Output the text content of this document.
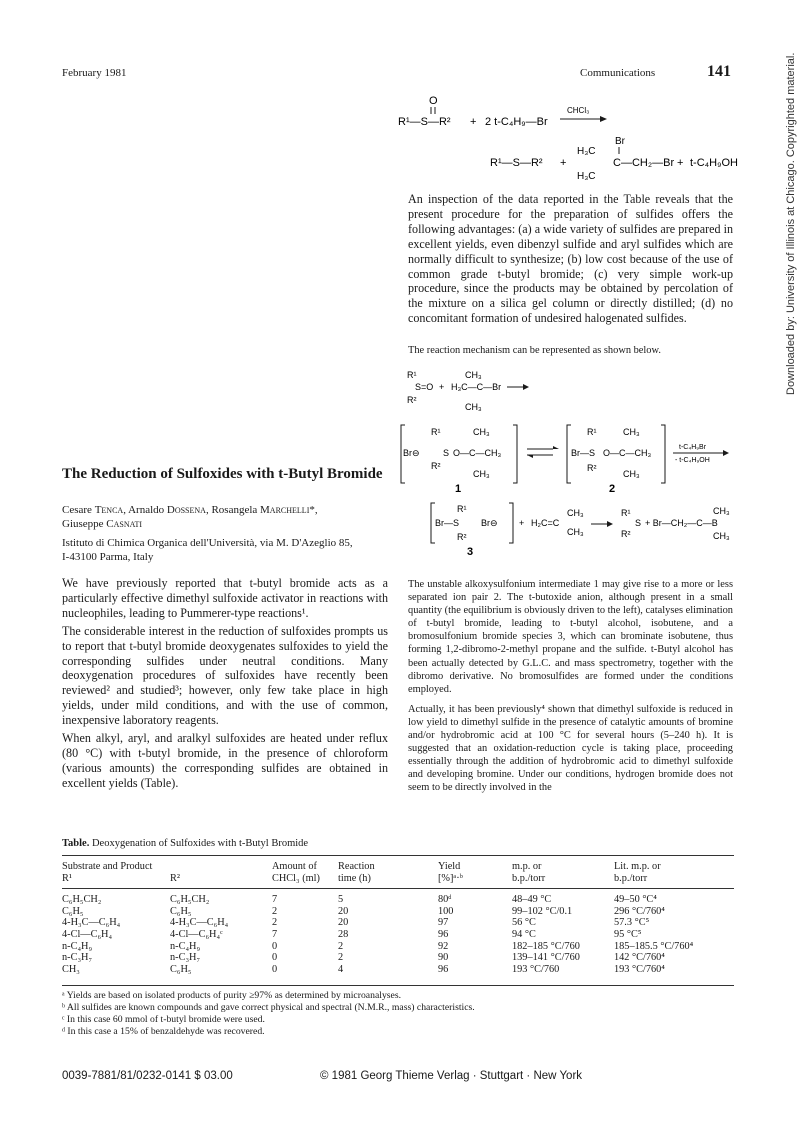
February 1981	Communications	141	Downloaded by: University of Illinois at Chicago. Copyrighted material.
O
R¹—S—R² + 2 t-C₄H₉—Br
CHCl₃
Br
H₃C
R¹—S—R² +	C—CH₂—Br
H₃C
+ t-C₄H₉OH

An inspection of the data reported in the Table reveals that the present procedure for the preparation of sulfides offers the following advantages: (a) a wide variety of sulfides are prepared in excellent yields, even dibenzyl sulfide and aryl sulfides which are normally difficult to synthesize; (b) low cost because of the use of common grade t-butyl bromide; (c) very simple work-up procedure, since the products may be obtained by percolation of the mixture on a silica gel column or directly distilled; (d) no concomitant formation of undesired halogenated sulfides.

The reaction mechanism can be represented as shown below.

R¹	CH₃
S=O + H₃C—C—Br
R²
CH₃
R¹	CH₃
Br⊖	S O—C—CH₃
R²
CH₃
1
R¹	CH₃
Br—S O—C—CH₃
R²
CH₃
2
t-C₄H₉Br
- t-C₄H₉OH
R¹
Br—S Br⊖
R²
3
+ H₂C=C
CH₃
CH₃
R¹
S
R²
+ Br—CH₂—C—B
CH₃
CH₃
The Reduction of Sulfoxides with t-Butyl Bromide
Cesare Tenca, Arnaldo Dossena, Rosangela Marchelli*,
Giuseppe Casnati
Istituto di Chimica Organica dell'Università, via M. D'Azeglio 85,
I-43100 Parma, Italy

We have previously reported that t-butyl bromide acts as a particularly effective dimethyl sulfoxide activator in reactions with nucleophiles, leading to Pummerer-type reactions¹.

The considerable interest in the reduction of sulfoxides prompts us to report that t-butyl bromide deoxygenates sulfoxides to yield the corresponding sulfides under neutral conditions. Many deoxygenation procedures of sulfoxides have recently been reviewed² and studied³; however, only few take place in high yields, under mild conditions, and with the use of common, inexpensive laboratory reagents.

When alkyl, aryl, and aralkyl sulfoxides are heated under reflux (80 °C) with t-butyl bromide, in the presence of chloroform (various amounts) the corresponding sulfides are obtained in excellent yields (Table).

The unstable alkoxysulfonium intermediate 1 may give rise to a more or less separated ion pair 2. The t-butoxide anion, although present in a small quantity (the equilibrium is obviously driven to the left), catalyses elimination of t-butyl bromide, leading to t-butyl alcohol, isobutene, and a bromosulfonium bromide species 3, which can brominate isobutene, thus forming 1,2-dibromo-2-methyl propane and the sulfide. t-Butyl alcohol has been actually detected by G.L.C. and mass spectrometry, together with the dibromo derivative. No bromosulfides are formed under the conditions employed.

Actually, it has been previously⁴ shown that dimethyl sulfoxide is reduced in low yield to dimethyl sulfide in the presence of catalytic amounts of bromine and/or hydrobromic acid at 100 °C for several hours (5–240 h). It is suggested that an oxidation-reduction cycle is taking place, proceeding essentially through the addition of hydrobromic acid to dimethyl sulfoxide and developing bromine. Under our conditions, hydrogen bromide does not seem to be directly involved in the

Table. Deoxygenation of Sulfoxides with t-Butyl Bromide
Substrate and Product		Amount of	Reaction	Yield	m.p. or	Lit. m.p. or
R¹	R²	CHCl₃ (ml)	time (h)	[%]ᵃ·ᵇ	b.p./torr	b.p./torr
C₆H₅CH₂	C₆H₅CH₂	7	5	80ᵈ	48–49 °C	49–50 °C⁴
C₆H₅	C₆H₅	2	20	100	99–102 °C/0.1	296 °C/760⁴
4-H₃C—C₆H₄	4-H₃C—C₆H₄	2	20	97	56 °C	57.3 °C⁵
4-Cl—C₆H₄	4-Cl—C₆H₄ᶜ	7	28	96	94 °C	95 °C⁵
n-C₄H₉	n-C₄H₉	0	2	92	182–185 °C/760	185–185.5 °C/760⁴
n-C₃H₇	n-C₃H₇	0	2	90	139–141 °C/760	142 °C/760⁴
CH₃	C₆H₅	0	4	96	193 °C/760	193 °C/760⁴
ᵃ Yields are based on isolated products of purity ≥97% as determined by microanalyses.
ᵇ All sulfides are known compounds and gave correct physical and spectral (N.M.R., mass) characteristics.
ᶜ In this case 60 mmol of t-butyl bromide were used.
ᵈ In this case a 15% of benzaldehyde was recovered.
0039-7881/81/0232-0141 $ 03.00	© 1981 Georg Thieme Verlag · Stuttgart · New York
